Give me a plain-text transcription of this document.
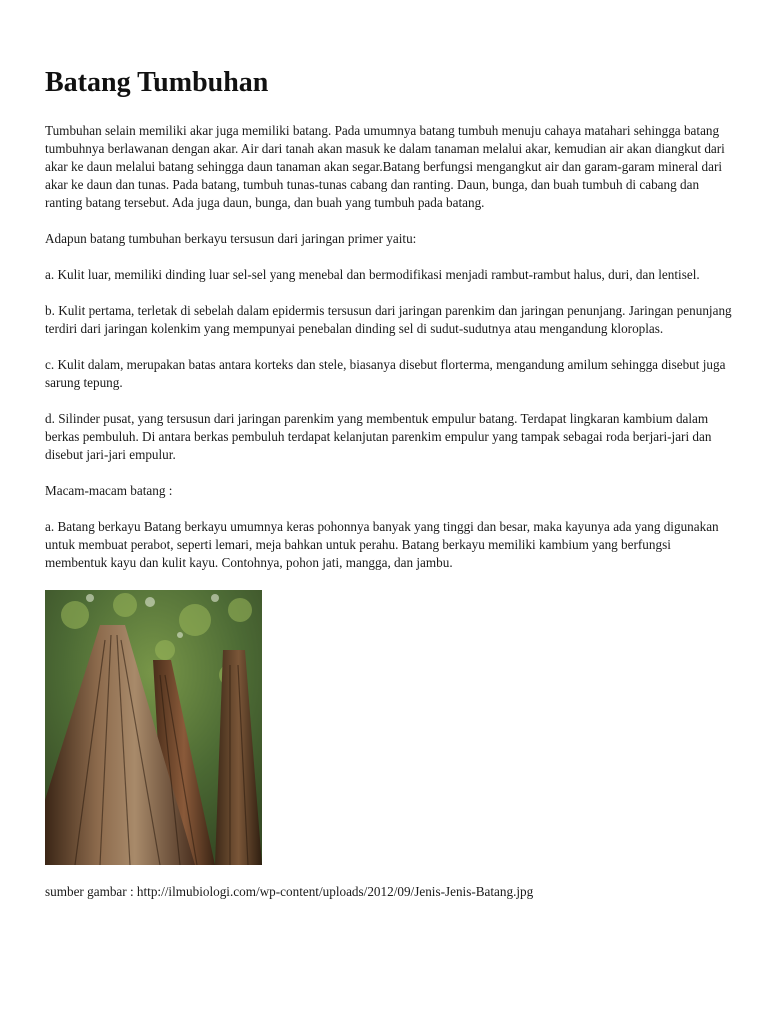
Batang Tumbuhan

Tumbuhan selain memiliki akar juga memiliki batang. Pada umumnya batang tumbuh menuju cahaya matahari sehingga batang tumbuhnya berlawanan dengan akar. Air dari tanah akan masuk ke dalam tanaman melalui akar, kemudian air akan diangkut dari akar ke daun melalui batang sehingga daun tanaman akan segar.Batang berfungsi mengangkut air dan garam-garam mineral dari akar ke daun dan tunas. Pada batang, tumbuh tunas-tunas cabang dan ranting. Daun, bunga, dan buah tumbuh di cabang dan ranting batang tersebut. Ada juga daun, bunga, dan buah yang tumbuh pada batang.

Adapun batang tumbuhan berkayu tersusun dari jaringan primer yaitu:

a. Kulit luar, memiliki dinding luar sel-sel yang menebal dan bermodifikasi menjadi rambut-rambut halus, duri, dan lentisel.

b. Kulit pertama, terletak di sebelah dalam epidermis tersusun dari jaringan parenkim dan jaringan penunjang. Jaringan penunjang terdiri dari jaringan kolenkim yang mempunyai penebalan dinding sel di sudut-sudutnya atau mengandung kloroplas.

c. Kulit dalam, merupakan batas antara korteks dan stele, biasanya disebut florterma, mengandung amilum sehingga disebut juga sarung tepung.

d. Silinder pusat, yang tersusun dari jaringan parenkim yang membentuk empulur batang. Terdapat lingkaran kambium dalam berkas pembuluh. Di antara berkas pembuluh terdapat kelanjutan parenkim empulur yang tampak sebagai roda berjari-jari dan disebut jari-jari empulur.

Macam-macam batang :

a. Batang berkayu Batang berkayu umumnya keras pohonnya banyak yang tinggi dan besar, maka kayunya ada yang digunakan untuk membuat perabot, seperti lemari, meja bahkan untuk perahu. Batang berkayu memiliki kambium yang berfungsi membentuk kayu dan kulit kayu. Contohnya, pohon jati, mangga, dan jambu.

sumber gambar : http://ilmubiologi.com/wp-content/uploads/2012/09/Jenis-Jenis-Batang.jpg
